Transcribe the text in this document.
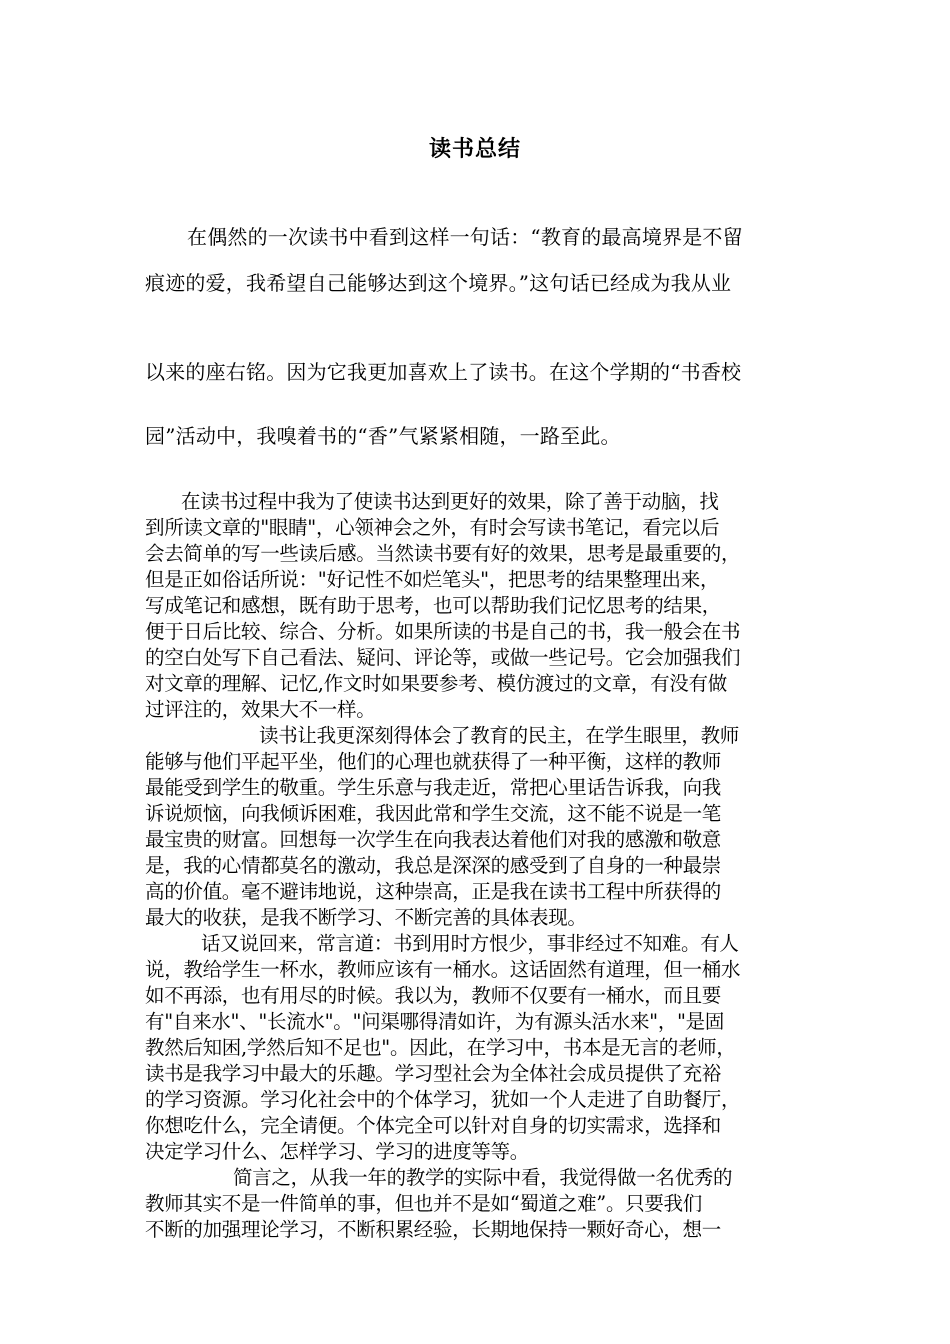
读书总结
在偶然的一次读书中看到这样一句话：“教育的最高境界是不留
痕迹的爱，我希望自己能够达到这个境界。”这句话已经成为我从业
以来的座右铭。因为它我更加喜欢上了读书。在这个学期的“书香校
园”活动中，我嗅着书的“香”气紧紧相随，一路至此。
在读书过程中我为了使读书达到更好的效果，除了善于动脑，找
到所读文章的"眼睛"，心领神会之外，有时会写读书笔记，看完以后
会去简单的写一些读后感。当然读书要有好的效果，思考是最重要的，
但是正如俗话所说："好记性不如烂笔头"，把思考的结果整理出来，
写成笔记和感想，既有助于思考，也可以帮助我们记忆思考的结果，
便于日后比较、综合、分析。如果所读的书是自己的书，我一般会在书
的空白处写下自己看法、疑问、评论等，或做一些记号。它会加强我们
对文章的理解、记忆,作文时如果要参考、模仿渡过的文章，有没有做
过评注的，效果大不一样。
读书让我更深刻得体会了教育的民主，在学生眼里，教师
能够与他们平起平坐，他们的心理也就获得了一种平衡，这样的教师
最能受到学生的敬重。学生乐意与我走近，常把心里话告诉我，向我
诉说烦恼，向我倾诉困难，我因此常和学生交流，这不能不说是一笔
最宝贵的财富。回想每一次学生在向我表达着他们对我的感激和敬意
是，我的心情都莫名的激动，我总是深深的感受到了自身的一种最崇
高的价值。毫不避讳地说，这种崇高，正是我在读书工程中所获得的
最大的收获，是我不断学习、不断完善的具体表现。
话又说回来，常言道：书到用时方恨少，事非经过不知难。有人
说，教给学生一杯水，教师应该有一桶水。这话固然有道理，但一桶水
如不再添，也有用尽的时候。我以为，教师不仅要有一桶水，而且要
有"自来水"、"长流水"。"问渠哪得清如许，为有源头活水来"，"是固
教然后知困,学然后知不足也"。因此，在学习中，书本是无言的老师，
读书是我学习中最大的乐趣。学习型社会为全体社会成员提供了充裕
的学习资源。学习化社会中的个体学习，犹如一个人走进了自助餐厅，
你想吃什么，完全请便。个体完全可以针对自身的切实需求，选择和
决定学习什么、怎样学习、学习的进度等等。
简言之，从我一年的教学的实际中看，我觉得做一名优秀的
教师其实不是一件简单的事，但也并不是如“蜀道之难”。只要我们
不断的加强理论学习，不断积累经验，长期地保持一颗好奇心，想一
